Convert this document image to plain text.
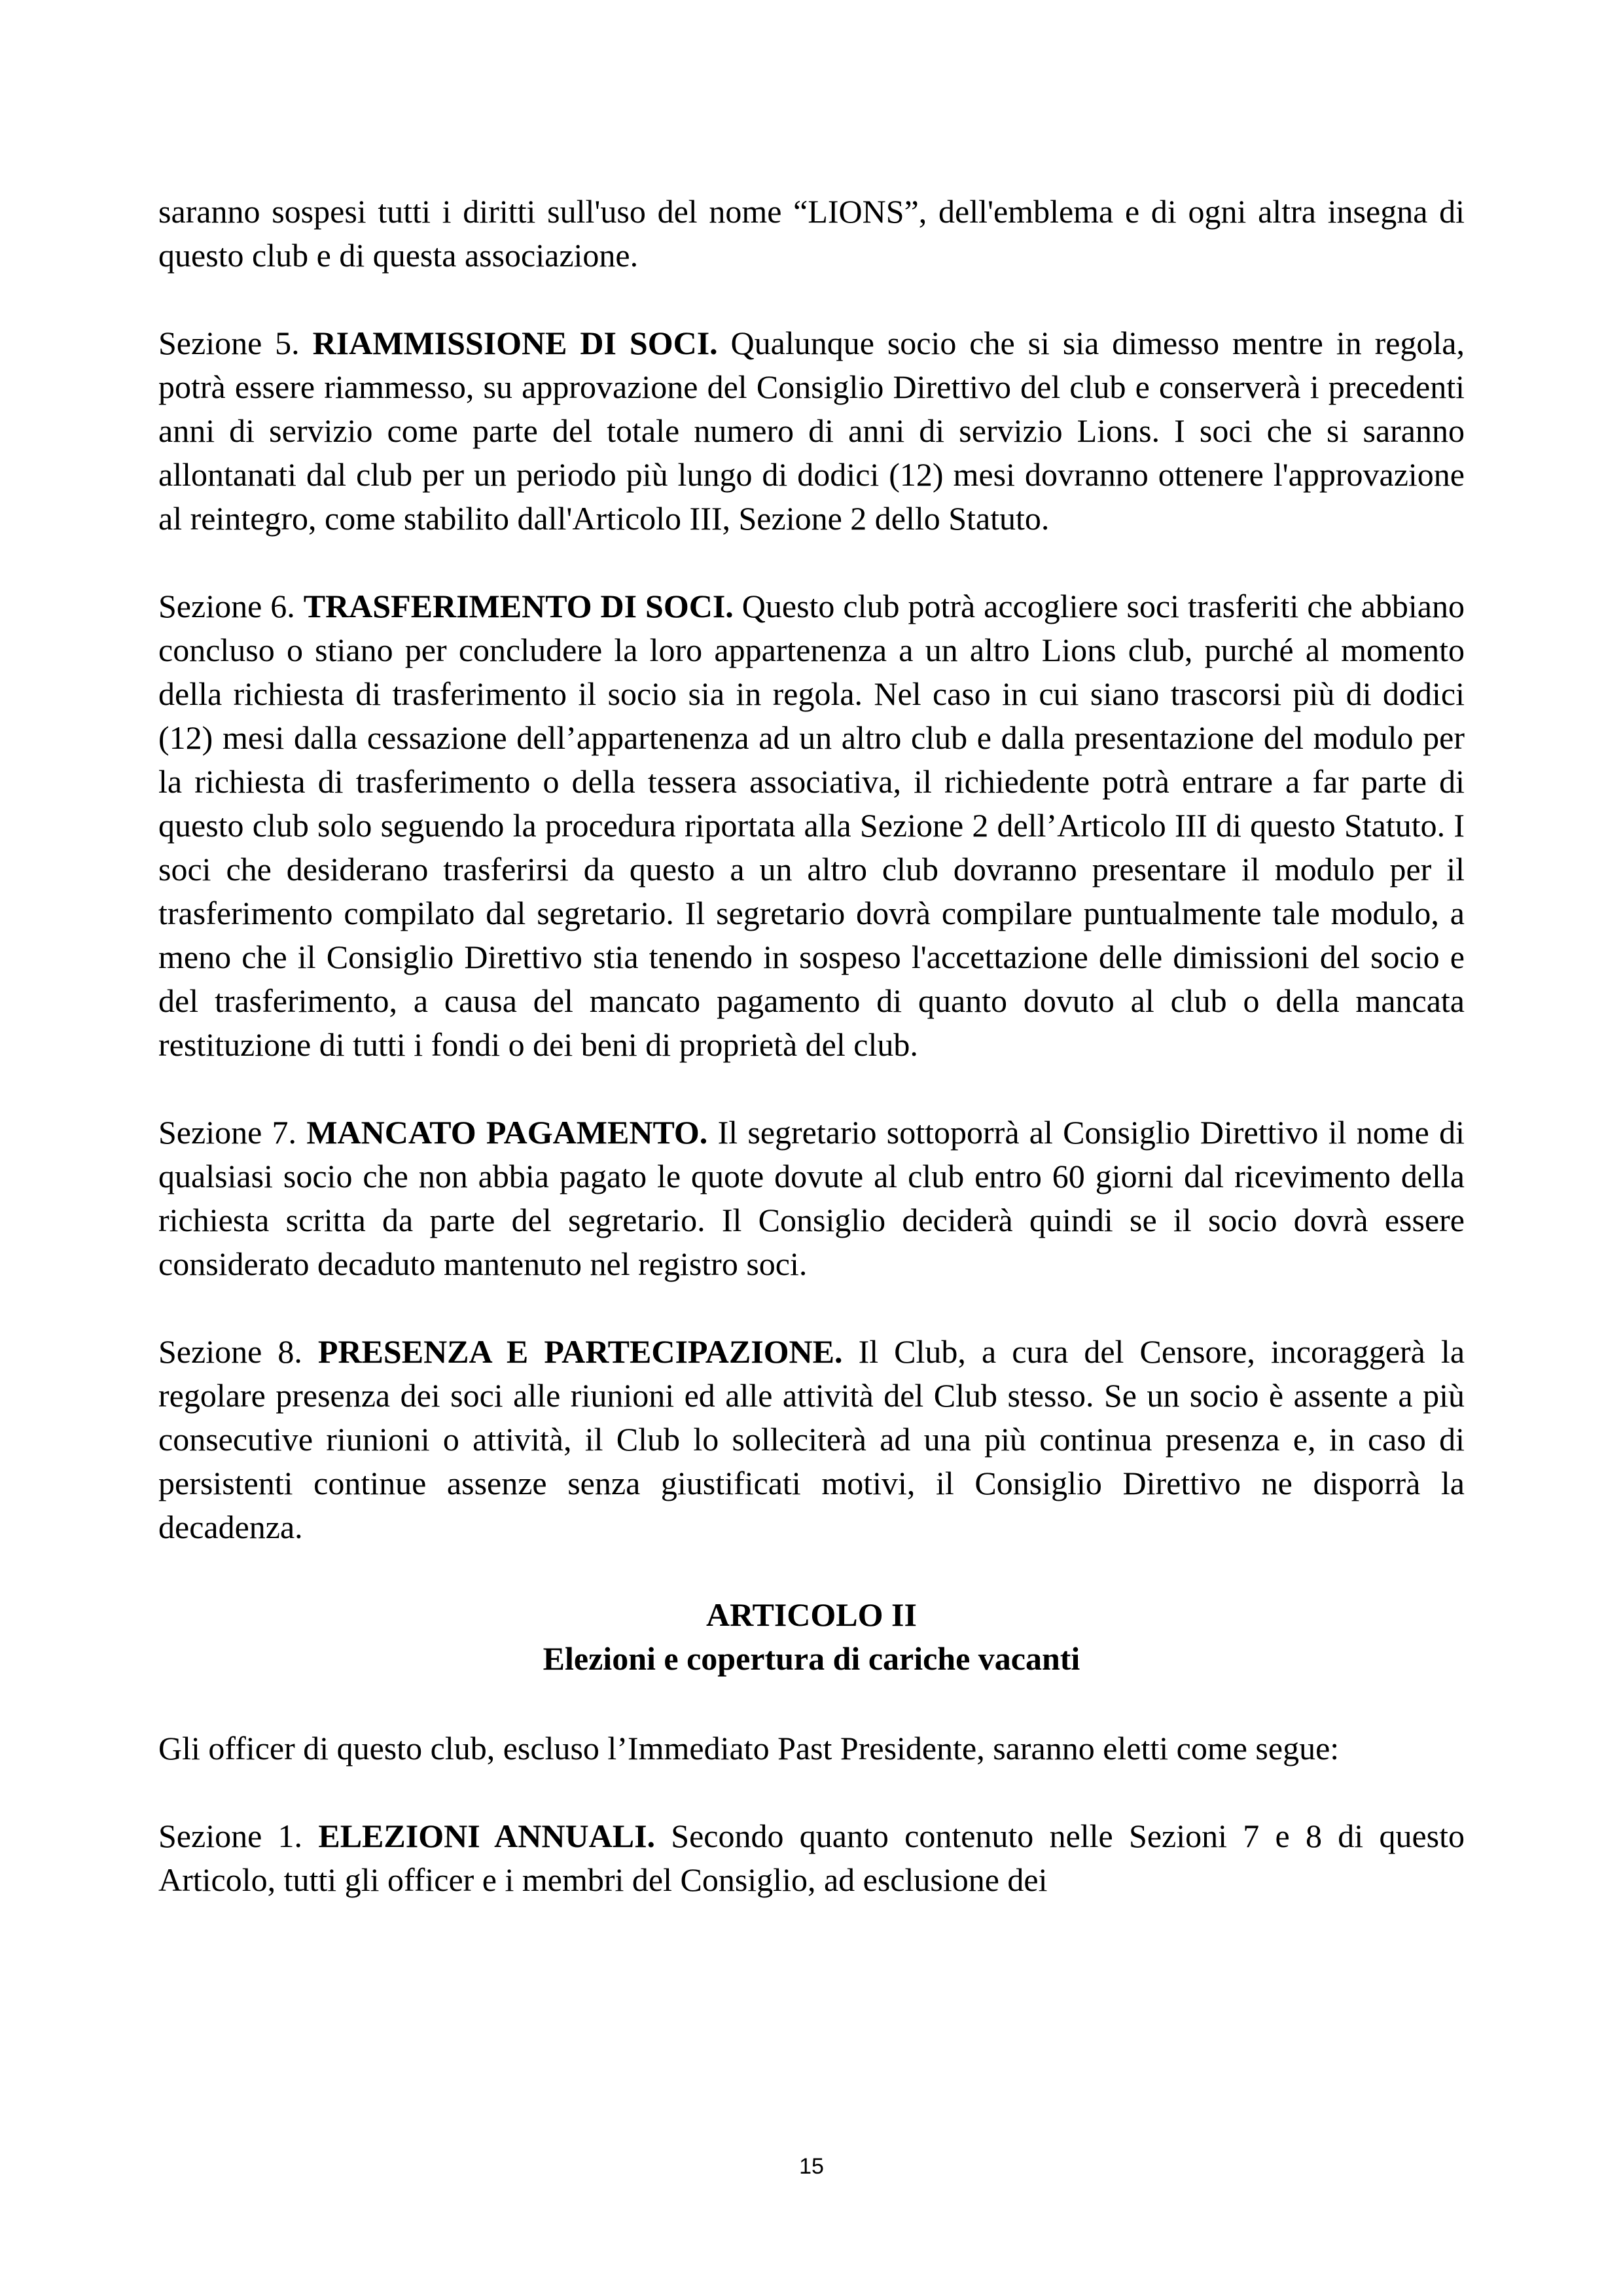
saranno sospesi tutti i diritti sull'uso del nome “LIONS”, dell'emblema e di ogni altra insegna di questo club e di questa associazione.

Sezione 5. RIAMMISSIONE DI SOCI. Qualunque socio che si sia dimesso mentre in regola, potrà essere riammesso, su approvazione del Consiglio Direttivo del club e conserverà i precedenti anni di servizio come parte del totale numero di anni di servizio Lions. I soci che si saranno allontanati dal club per un periodo più lungo di dodici (12) mesi dovranno ottenere l'approvazione al reintegro, come stabilito dall'Articolo III, Sezione 2 dello Statuto.

Sezione 6. TRASFERIMENTO DI SOCI. Questo club potrà accogliere soci trasferiti che abbiano concluso o stiano per concludere la loro appartenenza a un altro Lions club, purché al momento della richiesta di trasferimento il socio sia in regola. Nel caso in cui siano trascorsi più di dodici (12) mesi dalla cessazione dell’appartenenza ad un altro club e dalla presentazione del modulo per la richiesta di trasferimento o della tessera associativa, il richiedente potrà entrare a far parte di questo club solo seguendo la procedura riportata alla Sezione 2 dell’Articolo III di questo Statuto. I soci che desiderano trasferirsi da questo a un altro club dovranno presentare il modulo per il trasferimento compilato dal segretario. Il segretario dovrà compilare puntualmente tale modulo, a meno che il Consiglio Direttivo stia tenendo in sospeso l'accettazione delle dimissioni del socio e del trasferimento, a causa del mancato pagamento di quanto dovuto al club o della mancata restituzione di tutti i fondi o dei beni di proprietà del club.

Sezione 7. MANCATO PAGAMENTO. Il segretario sottoporrà al Consiglio Direttivo il nome di qualsiasi socio che non abbia pagato le quote dovute al club entro 60 giorni dal ricevimento della richiesta scritta da parte del segretario. Il Consiglio deciderà quindi se il socio dovrà essere considerato decaduto mantenuto nel registro soci.

Sezione 8. PRESENZA E PARTECIPAZIONE. Il Club, a cura del Censore, incoraggerà la regolare presenza dei soci alle riunioni ed alle attività del Club stesso. Se un socio è assente a più consecutive riunioni o attività, il Club lo solleciterà ad una più continua presenza e, in caso di persistenti continue assenze senza giustificati motivi, il Consiglio Direttivo ne disporrà la decadenza.

ARTICOLO II
Elezioni e copertura di cariche vacanti

Gli officer di questo club, escluso l’Immediato Past Presidente, saranno eletti come segue:

Sezione 1. ELEZIONI ANNUALI. Secondo quanto contenuto nelle Sezioni 7 e 8 di questo Articolo, tutti gli officer e i membri del Consiglio, ad esclusione dei

15
